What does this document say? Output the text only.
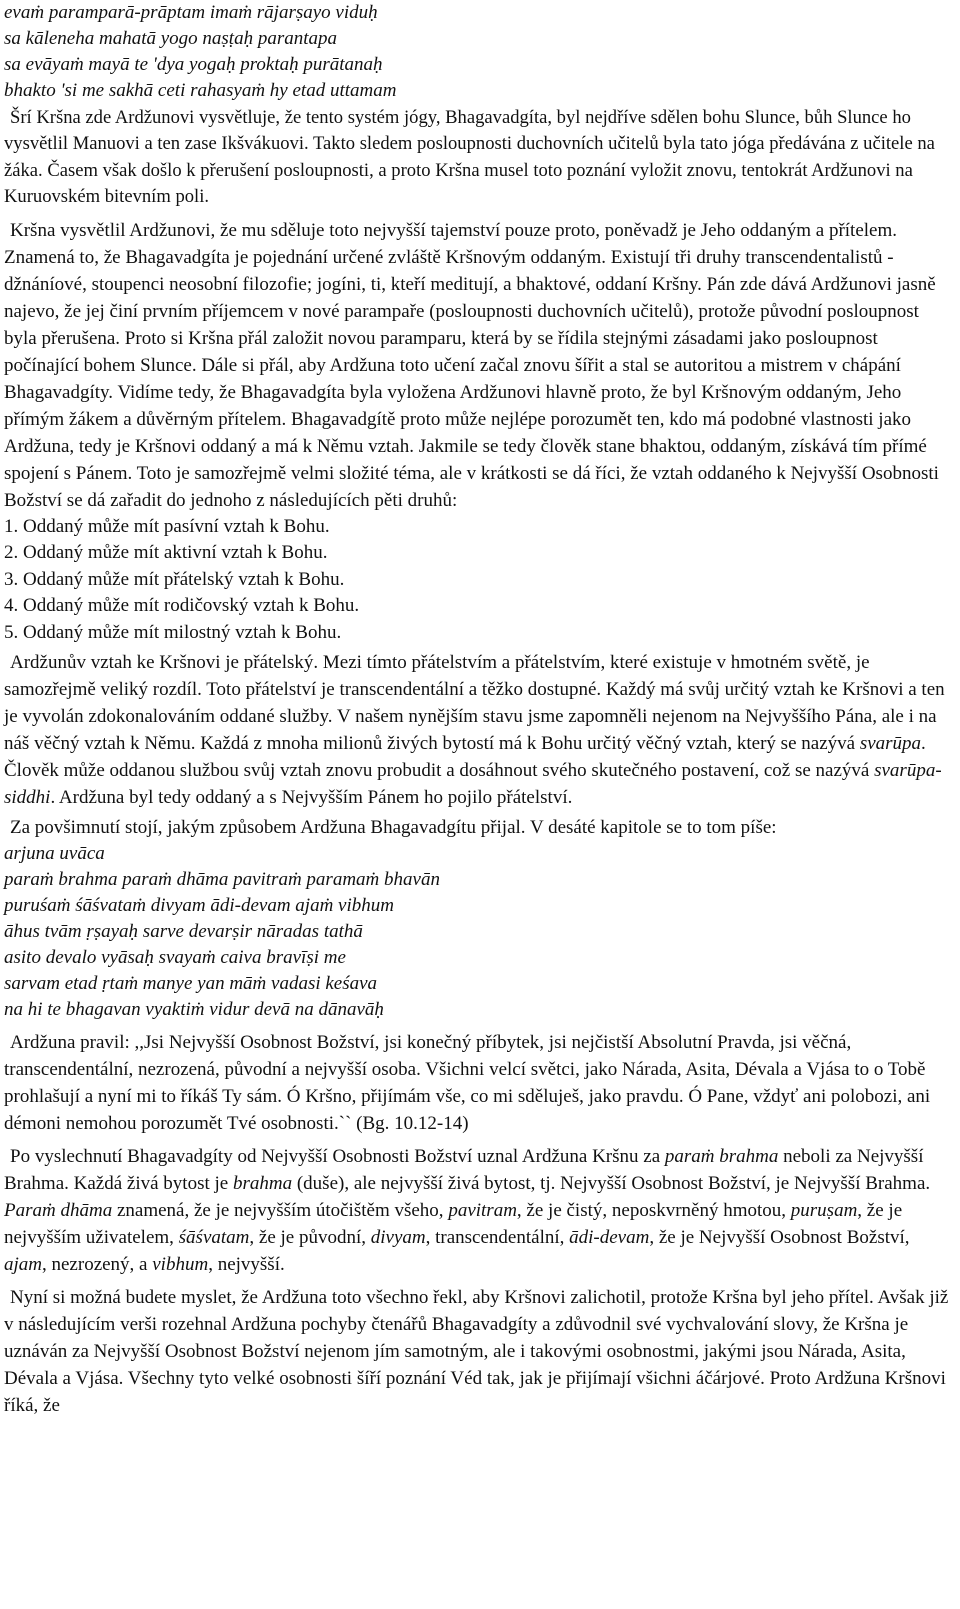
evaṁ paramparā-prāptam imaṁ rājarṣayo viduḥ

sa kāleneha mahatā yogo naṣṭaḥ parantapa

sa evāyaṁ mayā te 'dya yogaḥ proktaḥ purātanaḥ

bhakto 'si me sakhā ceti rahasyaṁ hy etad uttamam

Šrí Kršna zde Ardžunovi vysvětluje, že tento systém jógy, Bhagavadgíta, byl nejdříve sdělen bohu Slunce, bůh Slunce ho vysvětlil Manuovi a ten zase Ikšvákuovi. Takto sledem posloupnosti duchovních učitelů byla tato jóga předávána z učitele na žáka. Časem však došlo k přerušení posloupnosti, a proto Kršna musel toto poznání vyložit znovu, tentokrát Ardžunovi na Kuruovském bitevním poli.

Kršna vysvětlil Ardžunovi, že mu sděluje toto nejvyšší tajemství pouze proto, poněvadž je Jeho oddaným a přítelem. Znamená to, že Bhagavadgíta je pojednání určené zvláště Kršnovým oddaným. Existují tři druhy transcendentalistů - džnáníové, stoupenci neosobní filozofie; jogíni, ti, kteří meditují, a bhaktové, oddaní Kršny. Pán zde dává Ardžunovi jasně najevo, že jej činí prvním příjemcem v nové parampaře (posloupnosti duchovních učitelů), protože původní posloupnost byla přerušena. Proto si Kršna přál založit novou paramparu, která by se řídila stejnými zásadami jako posloupnost počínající bohem Slunce. Dále si přál, aby Ardžuna toto učení začal znovu šířit a stal se autoritou a mistrem v chápání Bhagavadgíty. Vidíme tedy, že Bhagavadgíta byla vyložena Ardžunovi hlavně proto, že byl Kršnovým oddaným, Jeho přímým žákem a důvěrným přítelem. Bhagavadgítě proto může nejlépe porozumět ten, kdo má podobné vlastnosti jako Ardžuna, tedy je Kršnovi oddaný a má k Němu vztah. Jakmile se tedy člověk stane bhaktou, oddaným, získává tím přímé spojení s Pánem. Toto je samozřejmě velmi složité téma, ale v krátkosti se dá říci, že vztah oddaného k Nejvyšší Osobnosti Božství se dá zařadit do jednoho z následujících pěti druhů:

1. Oddaný může mít pasívní vztah k Bohu.

2. Oddaný může mít aktivní vztah k Bohu.

3. Oddaný může mít přátelský vztah k Bohu.

4. Oddaný může mít rodičovský vztah k Bohu.

5. Oddaný může mít milostný vztah k Bohu.

Ardžunův vztah ke Kršnovi je přátelský. Mezi tímto přátelstvím a přátelstvím, které existuje v hmotném světě, je samozřejmě veliký rozdíl. Toto přátelství je transcendentální a těžko dostupné. Každý má svůj určitý vztah ke Kršnovi a ten je vyvolán zdokonalováním oddané služby. V našem nynějším stavu jsme zapomněli nejenom na Nejvyššího Pána, ale i na náš věčný vztah k Němu. Každá z mnoha milionů živých bytostí má k Bohu určitý věčný vztah, který se nazývá svarūpa. Člověk může oddanou službou svůj vztah znovu probudit a dosáhnout svého skutečného postavení, což se nazývá svarūpa-siddhi. Ardžuna byl tedy oddaný a s Nejvyšším Pánem ho pojilo přátelství.

Za povšimnutí stojí, jakým způsobem Ardžuna Bhagavadgítu přijal. V desáté kapitole se to tom píše:

arjuna uvāca

paraṁ brahma paraṁ dhāma pavitraṁ paramaṁ bhavān

puruśaṁ śāśvataṁ divyam ādi-devam ajaṁ vibhum

āhus tvām ṛṣayaḥ sarve devarṣir nāradas tathā

asito devalo vyāsaḥ svayaṁ caiva bravīṣi me

sarvam etad ṛtaṁ manye yan māṁ vadasi keśava

na hi te bhagavan vyaktiṁ vidur devā na dānavāḥ

Ardžuna pravil: ,,Jsi Nejvyšší Osobnost Božství, jsi konečný příbytek, jsi nejčistší Absolutní Pravda, jsi věčná, transcendentální, nezrozená, původní a nejvyšší osoba. Všichni velcí světci, jako Nárada, Asita, Dévala a Vjása to o Tobě prohlašují a nyní mi to říkáš Ty sám. Ó Kršno, přijímám vše, co mi sděluješ, jako pravdu. Ó Pane, vždyť ani polobozi, ani démoni nemohou porozumět Tvé osobnosti.`` (Bg. 10.12-14)

Po vyslechnutí Bhagavadgíty od Nejvyšší Osobnosti Božství uznal Ardžuna Kršnu za paraṁ brahma neboli za Nejvyšší Brahma. Každá živá bytost je brahma (duše), ale nejvyšší živá bytost, tj. Nejvyšší Osobnost Božství, je Nejvyšší Brahma. Paraṁ dhāma znamená, že je nejvyšším útočištěm všeho, pavitram, že je čistý, neposkvrněný hmotou, puruṣam, že je nejvyšším uživatelem, śāśvatam, že je původní, divyam, transcendentální, ādi-devam, že je Nejvyšší Osobnost Božství, ajam, nezrozený, a vibhum, nejvyšší.

Nyní si možná budete myslet, že Ardžuna toto všechno řekl, aby Kršnovi zalichotil, protože Kršna byl jeho přítel. Avšak již v následujícím verši rozehnal Ardžuna pochyby čtenářů Bhagavadgíty a zdůvodnil své vychvalování slovy, že Kršna je uznáván za Nejvyšší Osobnost Božství nejenom jím samotným, ale i takovými osobnostmi, jakými jsou Nárada, Asita, Dévala a Vjása. Všechny tyto velké osobnosti šíří poznání Véd tak, jak je přijímají všichni áčárjové. Proto Ardžuna Kršnovi říká, že
